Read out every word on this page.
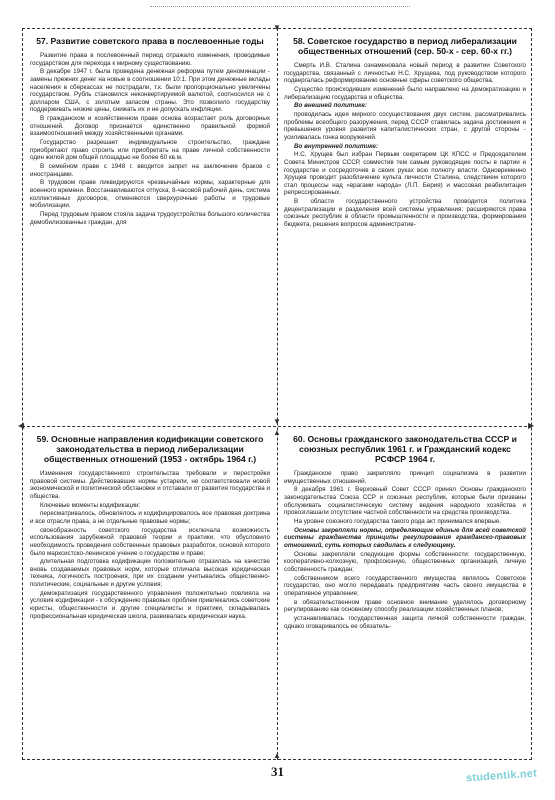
▼
▼
▲
▲
◀	▶
57. Развитие советского права в послевоенные годы

Развитие права в послевоенный период отражало изменения, проводимые государством для перехода к мирному существованию.

В декабре 1947 г. была проведена денежная реформа путем деноминации - замены прежних денег на новые в соотношении 10:1. При этом денежные вклады населения в сберкассах не пострадали, т.к. были пропорционально увеличены государством. Рубль становился неконвертируемой валютой, соотносился не с долларом США, с золотым запасом страны. Это позволило государству поддерживать низкие цены, снижать их и не допускать инфляции.

В гражданском и хозяйственном праве основа возрастает роль договорных отношений. Договор признается единственно правильной формой взаимоотношений между хозяйственными органами.

Государство разрешает индивидуальное строительство, граждане приобретают право строить или приобретать на праве личной собственности один жилой дом общей площадью не более 60 кв.м.

В семейном праве с 1948 г. вводится запрет на заключение браков с иностранцами.

В трудовом праве ликвидируются чрезвычайные нормы, характерные для военного времени. Восстанавливаются отпуска, 8-часовой рабочий день, система коллективных договоров, отменяются сверхурочные работы и трудовые мобилизации.

Перед трудовым правом стояла задача трудоустройства большого количества демобилизованных граждан, для

58. Советское государство в период либерализации общественных отношений (сер. 50-х - сер. 60-х гг.)

Смерть И.В. Сталина ознаменовала новый период в развитии Советского государства, связанный с личностью Н.С. Хрущева, под руководством которого подвергалась реформированию основные сферы советского общества.

Существо происходивших изменений было направлено на демократизацию и либерализацию государства и общества.

Во внешней политике:

проводилась идея мирного сосуществования двух систем, рассматривались проблемы всеобщего разоружения, перед СССР ставилась задача достижения и превышения уровня развития капиталистических стран, с другой стороны - усиливалась гонка вооружений.

Во внутренней политике:

Н.С. Хрущев был избран Первым секретарем ЦК КПСС и Председателем Совета Министров СССР, совместив тем самым руководящие посты в партии и государстве и сосредоточив в своих руках всю полноту власти. Одновременно Хрущев проводит разоблачение культа личности Сталина, следствием которого стал процессы над «врагами народа» (Л.П. Берия) и массовая реабилитация репрессированных.

В области государственного устройства проводится политика децентрализации и разделения всей системы управления: расширяются права союзных республик в области промышленности и производства, формирования бюджета, решения вопросов административ-

59. Основные направления кодификации советского законодательства в период либерализации общественных отношений (1953 - октябрь 1964 г.)

Изменения государственного строительства требовали и перестройки правовой системы. Действовавшие нормы устарели, не соответствовали новой экономической и политической обстановке и отставали от развития государства и общества.

Ключевые моменты кодификации:

пересматривалось, обновлялось и кодифицировалось все правовая доктрина и все отрасли права, а не отдельные правовые нормы;

своеобразность советского государства исключала возможность использования зарубежной правовой теории и практики, что обусловило необходимость проведения собственных правовых разработок, основой которого было марксистско-ленинское учение о государстве и праве;

длительная подготовка кодификации положительно отразилась на качестве вновь создаваемых правовых норм, которые отличала высокая юридическая техника, логичность построения, при их создании учитывались общественно-политические, социальные и другие условия;

демократизация государственного управления положительно повлияла на условия кодификации - к обсуждению правовых проблем привлекались советские юристы, общественности и другие специалисты и практики, складывалась профессиональная юридическая школа, развивалась юридическая наука.

60. Основы гражданского законодательства СССР и союзных республик 1961 г. и Гражданский кодекс РСФСР 1964 г.

Гражданское право закрепляло принцип социализма в развитии имущественных отношений.

8 декабря 1961 г. Верховный Совет СССР принял Основы гражданского законодательства Союза ССР и союзных республик, которые были призваны обслуживать социалистическую систему ведения народного хозяйства и провозглашали отсутствие частной собственности на средства производства.

На уровне союзного государства такого рода акт принимался впервые.

Основы закрепляли нормы, определяющие единые для всей советской системы гражданства принципы регулирования гражданско-правовых отношений, суть которых сводилась к следующему.

Основы закрепляли следующие формы собственности: государственную, кооперативно-колхозную, профсоюзную, общественных организаций, личную собственность граждан;

собственником всего государственного имущества являлось Советское государство, оно могло передавать предприятиям часть своего имущества в оперативное управление;

в обязательственном праве основное внимание уделялось договорному регулированию как основному способу реализации хозяйственных планов;

устанавливалась государственная защита личной собственности граждан, однако оговаривалось ее обязатель-

31	studentik.net
